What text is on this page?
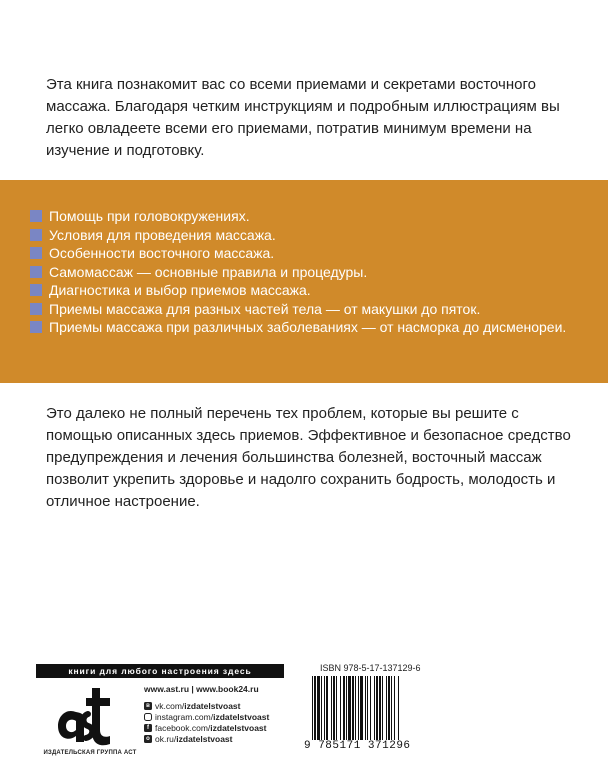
Эта книга познакомит вас со всеми приемами и секретами восточного массажа. Благодаря четким инструкциям и подробным иллюстрациям вы легко овладеете всеми его приемами, потратив минимум времени на изучение и подготовку.

Помощь при головокружениях.
Условия для проведения массажа.
Особенности восточного массажа.
Самомассаж — основные правила и процедуры.
Диагностика и выбор приемов массажа.
Приемы массажа для разных частей тела — от макушки до пяток.
Приемы массажа при различных заболеваниях — от насморка до дисменореи.

Это далеко не полный перечень тех проблем, которые вы решите с помощью описанных здесь приемов. Эффективное и безопасное средство предупреждения и лечения большинства болезней, восточный массаж позволит укрепить здоровье и надолго сохранить бодрость, молодость и отличное настроение.

книги для любого настроения здесь
ИЗДАТЕЛЬСКАЯ ГРУППА АСТ
www.ast.ru | www.book24.ru
в vk.com/ izdatelstvoast
instagram.com/ izdatelstvoast
f facebook.com/ izdatelstvoast
o ok.ru/ izdatelstvoast
ISBN 978-5-17-137129-6
9 785171 371296
